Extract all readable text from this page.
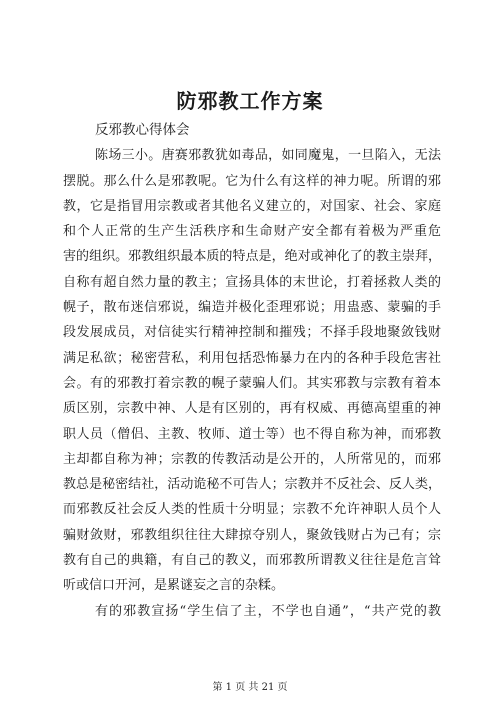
防邪教工作方案
反邪教心得体会
陈场三小。唐赛邪教犹如毒品，如同魔鬼，一旦陷入，无法
摆脱。那么什么是邪教呢。它为什么有这样的神力呢。所谓的邪
教，它是指冒用宗教或者其他名义建立的，对国家、社会、家庭
和个人正常的生产生活秩序和生命财产安全都有着极为严重危
害的组织。邪教组织最本质的特点是，绝对或神化了的教主崇拜，
自称有超自然力量的教主；宣扬具体的末世论，打着拯救人类的
幌子，散布迷信邪说，编造并极化歪理邪说；用蛊惑、蒙骗的手
段发展成员，对信徒实行精神控制和摧残；不择手段地聚敛钱财
满足私欲；秘密营私，利用包括恐怖暴力在内的各种手段危害社
会。有的邪教打着宗教的幌子蒙骗人们。其实邪教与宗教有着本
质区别，宗教中神、人是有区别的，再有权威、再德高望重的神
职人员（僧侣、主教、牧师、道士等）也不得自称为神，而邪教
主却都自称为神；宗教的传教活动是公开的，人所常见的，而邪
教总是秘密结社，活动诡秘不可告人；宗教并不反社会、反人类，
而邪教反社会反人类的性质十分明显；宗教不允许神职人员个人
骗财敛财，邪教组织往往大肆掠夺别人，聚敛钱财占为己有；宗
教有自己的典籍，有自己的教义，而邪教所谓教义往往是危言耸
听或信口开河，是累谜妄之言的杂糅。
有的邪教宣扬“学生信了主，不学也自通”，“共产党的教
第 1 页 共 21 页
